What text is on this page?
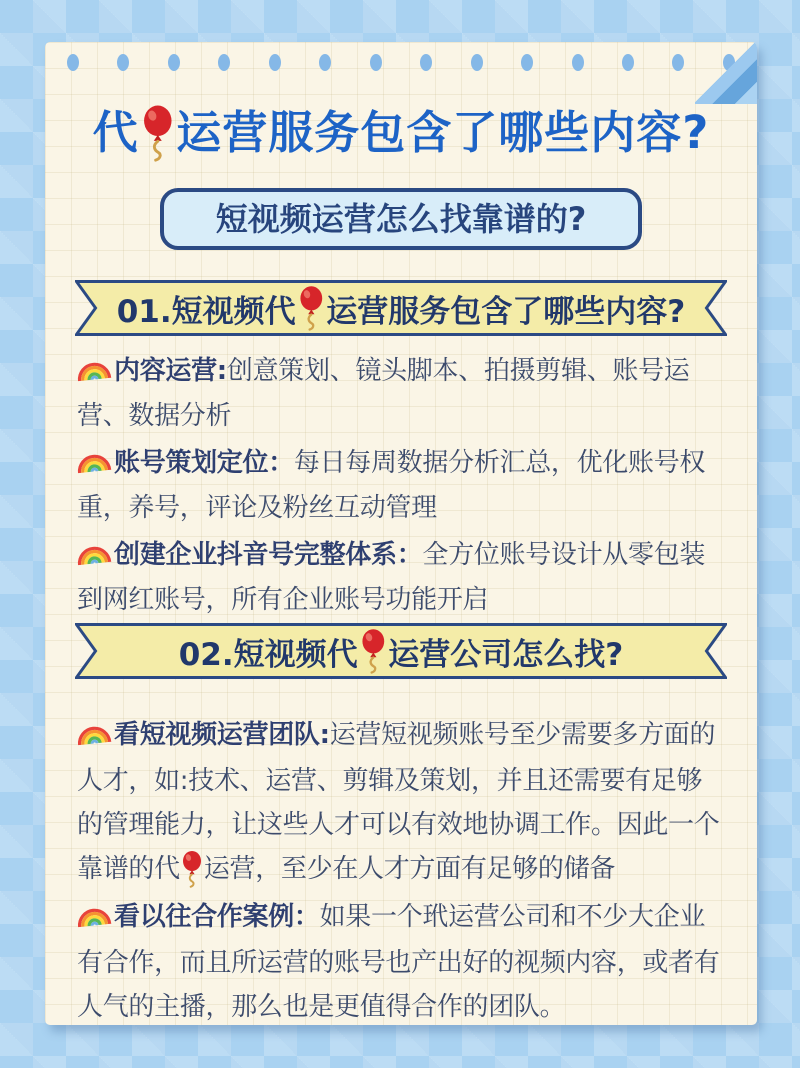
代 运营服务包含了哪些内容?
短视频运营怎么找靠谱的?
01.短视频代 运营服务包含了哪些内容?

内容运营:创意策划、镜头脚本、拍摄剪辑、账号运营、数据分析

账号策划定位：每日每周数据分析汇总，优化账号权重，养号，评论及粉丝互动管理

创建企业抖音号完整体系：全方位账号设计从零包装到网红账号，所有企业账号功能开启

02.短视频代 运营公司怎么找?

看短视频运营团队:运营短视频账号至少需要多方面的人才，如:技术、运营、剪辑及策划，并且还需要有足够的管理能力，让这些人才可以有效地协调工作。因此一个靠谱的代 运营，至少在人才方面有足够的储备

看以往合作案例：如果一个玳运营公司和不少大企业有合作，而且所运营的账号也产出好的视频内容，或者有人气的主播，那么也是更值得合作的团队。
